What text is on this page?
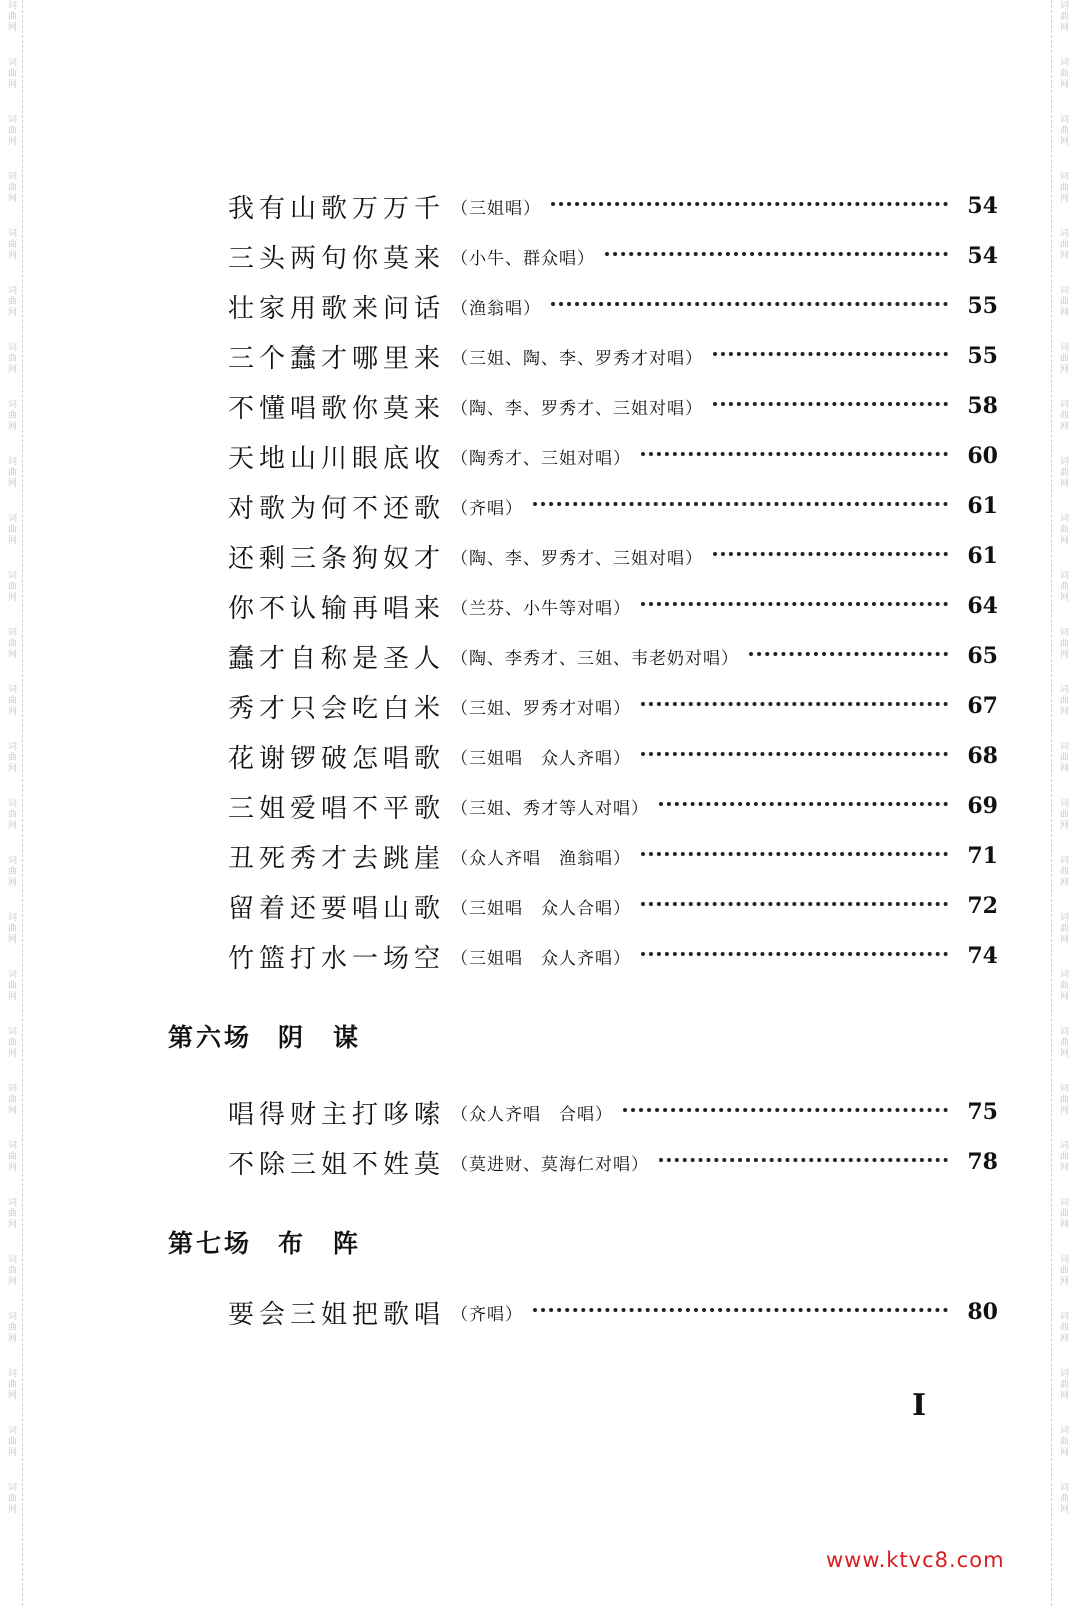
词曲网
词曲网
词曲网
词曲网
词曲网
词曲网
词曲网
词曲网
词曲网
词曲网
词曲网
词曲网
词曲网
词曲网
词曲网
词曲网
词曲网
词曲网
词曲网
词曲网
词曲网
词曲网
词曲网
词曲网
词曲网
词曲网
词曲网
词曲网
词曲网
词曲网
词曲网
词曲网
词曲网
词曲网
词曲网
词曲网
词曲网
词曲网
词曲网
词曲网
词曲网
词曲网
词曲网
词曲网
词曲网
词曲网
词曲网
词曲网
词曲网
词曲网
词曲网
词曲网
词曲网
词曲网
我有山歌万万千 （三姐唱）	54
三头两句你莫来 （小牛、群众唱）	54
壮家用歌来问话 （渔翁唱）	55
三个蠢才哪里来 （三姐、陶、李、罗秀才对唱）	55
不懂唱歌你莫来 （陶、李、罗秀才、三姐对唱）	58
天地山川眼底收 （陶秀才、三姐对唱）	60
对歌为何不还歌 （齐唱）	61
还剩三条狗奴才 （陶、李、罗秀才、三姐对唱）	61
你不认输再唱来 （兰芬、小牛等对唱）	64
蠢才自称是圣人 （陶、李秀才、三姐、韦老奶对唱）	65
秀才只会吃白米 （三姐、罗秀才对唱）	67
花谢锣破怎唱歌 （三姐唱　众人齐唱）	68
三姐爱唱不平歌 （三姐、秀才等人对唱）	69
丑死秀才去跳崖 （众人齐唱　渔翁唱）	71
留着还要唱山歌 （三姐唱　众人合唱）	72
竹篮打水一场空 （三姐唱　众人齐唱）	74
第六场 阴谋
唱得财主打哆嗦 （众人齐唱　合唱）	75
不除三姐不姓莫 （莫进财、莫海仁对唱）	78
第七场 布阵
要会三姐把歌唱 （齐唱）	80
I
www.ktvc8.com
